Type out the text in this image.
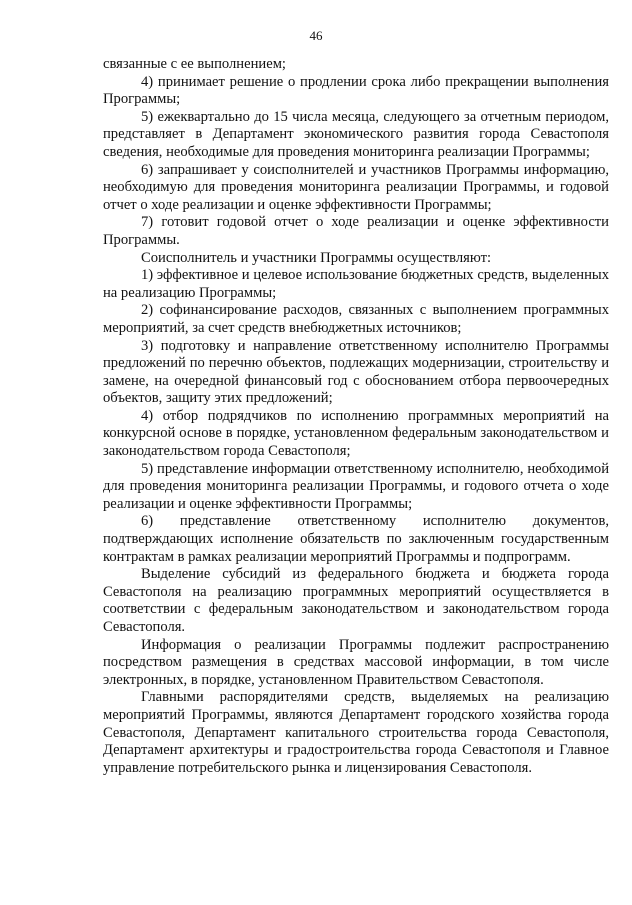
46

связанные с ее выполнением;

4) принимает решение о продлении срока либо прекращении выполнения Программы;

5) ежеквартально до 15 числа месяца, следующего за отчетным периодом, представляет в Департамент экономического развития города Севастополя сведения, необходимые для проведения мониторинга реализации Программы;

6) запрашивает у соисполнителей и участников Программы информацию, необходимую для проведения мониторинга реализации Программы, и годовой отчет о ходе реализации и оценке эффективности Программы;

7) готовит годовой отчет о ходе реализации и оценке эффективности Программы.

Соисполнитель и участники Программы осуществляют:

1) эффективное и целевое использование бюджетных средств, выделенных на реализацию Программы;

2) софинансирование расходов, связанных с выполнением программных мероприятий, за счет средств внебюджетных источников;

3) подготовку и направление ответственному исполнителю Программы предложений по перечню объектов, подлежащих модернизации, строительству и замене, на очередной финансовый год с обоснованием отбора первоочередных объектов, защиту этих предложений;

4) отбор подрядчиков по исполнению программных мероприятий на конкурсной основе в порядке, установленном федеральным законодательством и законодательством города Севастополя;

5) представление информации ответственному исполнителю, необходимой для проведения мониторинга реализации Программы, и годового отчета о ходе реализации и оценке эффективности Программы;

6) представление ответственному исполнителю документов, подтверждающих исполнение обязательств по заключенным государственным контрактам в рамках реализации мероприятий Программы и подпрограмм.

Выделение субсидий из федерального бюджета и бюджета города Севастополя на реализацию программных мероприятий осуществляется в соответствии с федеральным законодательством и законодательством города Севастополя.

Информация о реализации Программы подлежит распространению посредством размещения в средствах массовой информации, в том числе электронных, в порядке, установленном Правительством Севастополя.

Главными распорядителями средств, выделяемых на реализацию мероприятий Программы, являются Департамент городского хозяйства города Севастополя, Департамент капитального строительства города Севастополя, Департамент архитектуры и градостроительства города Севастополя и Главное управление потребительского рынка и лицензирования Севастополя.
